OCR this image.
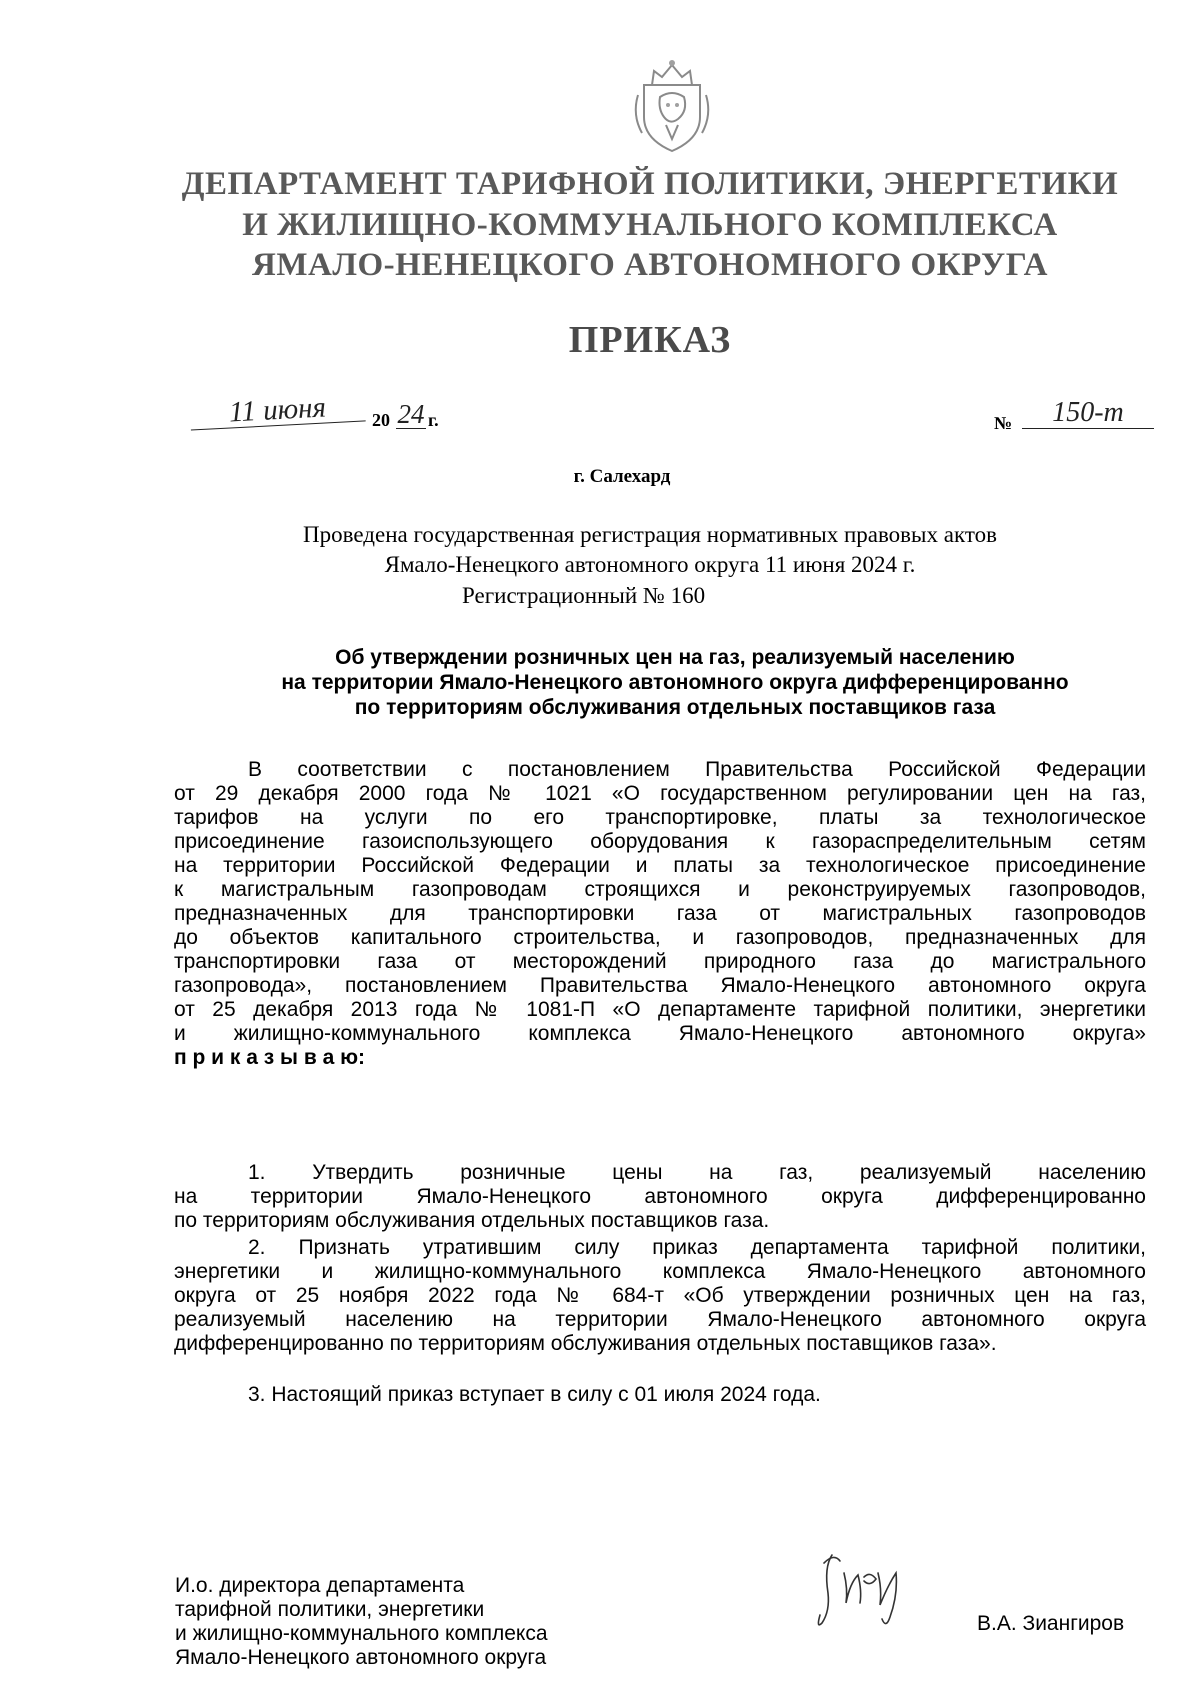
ДЕПАРТАМЕНТ ТАРИФНОЙ ПОЛИТИКИ, ЭНЕРГЕТИКИ
И ЖИЛИЩНО-КОММУНАЛЬНОГО КОМПЛЕКСА
ЯМАЛО-НЕНЕЦКОГО АВТОНОМНОГО ОКРУГА
ПРИКАЗ
11 июня	20 24 г.	№	150-т
г. Салехард
Проведена государственная регистрация нормативных правовых актов
Ямало-Ненецкого автономного округа 11 июня 2024 г.
Регистрационный № 160
Об утверждении розничных цен на газ, реализуемый населению
на территории Ямало-Ненецкого автономного округа дифференцированно
по территориям обслуживания отдельных поставщиков газа
В соответствии с постановлением Правительства Российской Федерации
от 29 декабря 2000 года № 1021 «О государственном регулировании цен на газ,
тарифов на услуги по его транспортировке, платы за технологическое
присоединение газоиспользующего оборудования к газораспределительным сетям
на территории Российской Федерации и платы за технологическое присоединение
к магистральным газопроводам строящихся и реконструируемых газопроводов,
предназначенных для транспортировки газа от магистральных газопроводов
до объектов капитального строительства, и газопроводов, предназначенных для
транспортировки газа от месторождений природного газа до магистрального
газопровода», постановлением Правительства Ямало-Ненецкого автономного округа
от 25 декабря 2013 года № 1081-П «О департаменте тарифной политики, энергетики
и жилищно-коммунального комплекса Ямало-Ненецкого автономного округа»
п р и к а з ы в а ю:
1. Утвердить розничные цены на газ, реализуемый населению
на территории Ямало-Ненецкого автономного округа дифференцированно
по территориям обслуживания отдельных поставщиков газа.
2. Признать утратившим силу приказ департамента тарифной политики,
энергетики и жилищно-коммунального комплекса Ямало-Ненецкого автономного
округа от 25 ноября 2022 года № 684-т «Об утверждении розничных цен на газ,
реализуемый населению на территории Ямало-Ненецкого автономного округа
дифференцированно по территориям обслуживания отдельных поставщиков газа».
3. Настоящий приказ вступает в силу с 01 июля 2024 года.
И.о. директора департамента
тарифной политики, энергетики
и жилищно-коммунального комплекса
Ямало-Ненецкого автономного округа
В.А. Зиангиров
